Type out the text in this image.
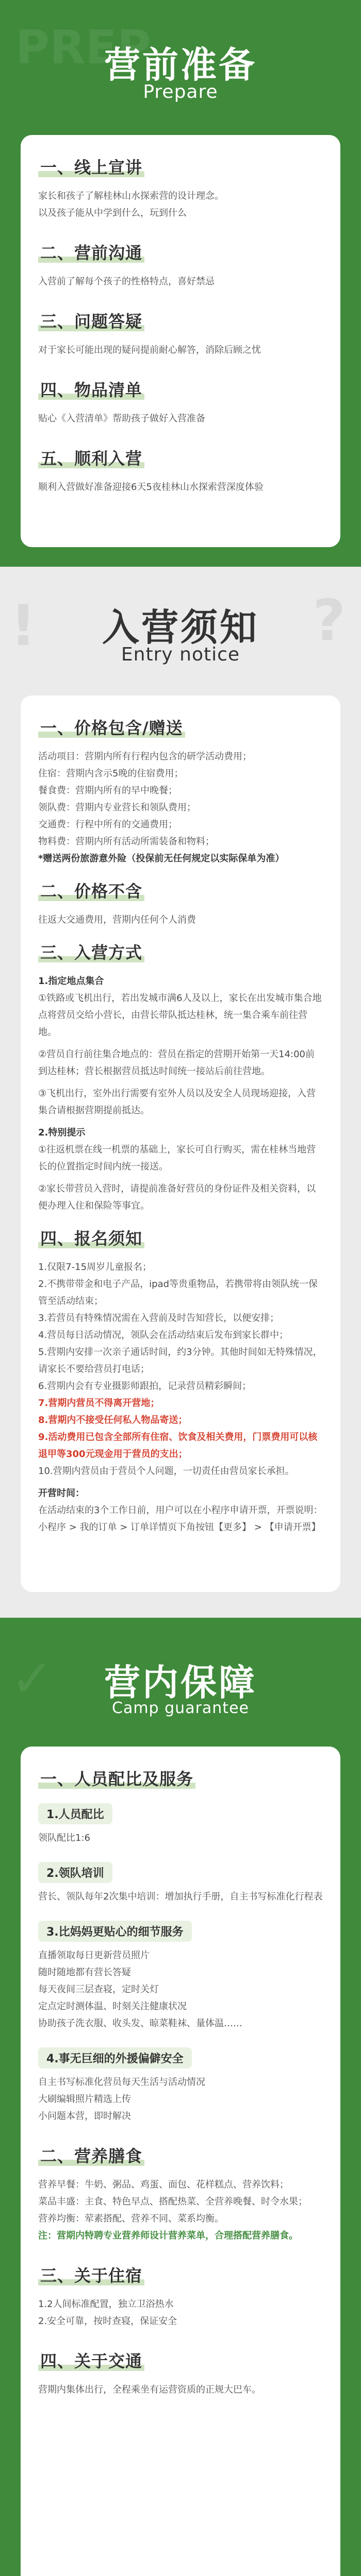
PREP
营前准备
Prepare
一、线上宣讲
家长和孩子了解桂林山水探索营的设计理念。
以及孩子能从中学到什么，玩到什么
二、营前沟通
入营前了解每个孩子的性格特点，喜好禁忌
三、问题答疑
对于家长可能出现的疑问提前耐心解答，消除后顾之忧
四、物品清单
贴心《入营清单》帮助孩子做好入营准备
五、顺利入营
顺利入营做好准备迎接6天5夜桂林山水探索营深度体验
!	?
入营须知
Entry notice
一、价格包含/赠送
活动项目：营期内所有行程内包含的研学活动费用；
住宿：营期内含示5晚的住宿费用；
餐食费：营期内所有的早中晚餐；
领队费：营期内专业营长和领队费用；
交通费：行程中所有的交通费用；
物料费：营期内所有活动所需装备和物料；
*赠送两份旅游意外险（投保前无任何规定以实际保单为准）
二、价格不含
往返大交通费用，营期内任何个人消费
三、入营方式
1.指定地点集合
①铁路或飞机出行，若出发城市满6人及以上，家长在出发城市集合地点将营员交给小营长，由营长带队抵达桂林，统一集合乘车前往营地。
②营员自行前往集合地点的：营员在指定的营期开始第一天14:00前到达桂林；营长根据营员抵达时间统一接站后前往营地。
③飞机出行，室外出行需要有室外人员以及安全人员现场迎接，入营集合请根据营期提前抵达。
2.特别提示
①往返机票在线一机票的基础上，家长可自行购买，需在桂林当地营长的位置指定时间内统一接送。
②家长带营员入营时，请提前准备好营员的身份证件及相关资料，以便办理入住和保险等事宜。
四、报名须知
1.仅限7-15周岁儿童报名；
2.不携带带金和电子产品，ipad等贵重物品，若携带将由领队统一保管至活动结束；
3.若营员有特殊情况需在入营前及时告知营长，以便安排；
4.营员每日活动情况，领队会在活动结束后发布到家长群中；
5.营期内安排一次亲子通话时间，约3分钟。其他时间如无特殊情况，请家长不要给营员打电话；
6.营期内会有专业摄影师跟拍，记录营员精彩瞬间；
7.营期内营员不得离开营地；
8.营期内不接受任何私人物品寄送；
9.活动费用已包含全部所有住宿、饮食及相关费用，门票费用可以核退甲等300元现金用于营员的支出；
10.营期内营员由于营员个人问题，一切责任由营员家长承担。
开营时间：
在活动结束的3个工作日前，用户可以在小程序申请开票，开票说明：
小程序 > 我的订单 > 订单详情页下角按钮【更多】 > 【申请开票】
✓	营内保障
Camp guarantee
一、人员配比及服务
1.人员配比
领队配比1:6
2.领队培训
营长、领队每年2次集中培训：增加执行手册，自主书写标准化行程表
3.比妈妈更贴心的细节服务
直播领取每日更新营员照片
随时随地都有营长答疑
每天夜间三层查寝，定时关灯
定点定时测体温、时刻关注健康状况
协助孩子洗衣服、收头发、晾菜鞋袜、量体温……
4.事无巨细的外援偏僻安全
自主书写标准化营员每天生活与活动情况
大刷编辑照片精选上传
小问题本营，即时解决
二、营养膳食
营养早餐：牛奶、粥品、鸡蛋、面包、花样糕点、营养饮料；
菜品丰盛：主食、特色早点、搭配热菜、全营养晚餐、时令水果；
营养均衡：荤素搭配、营养不同、菜系均衡。
注：营期内特聘专业营养师设计营养菜单，合理搭配营养膳食。
三、关于住宿
1.2人间标准配置，独立卫浴热水
2.安全可靠，按时查寝，保证安全
四、关于交通
营期内集体出行，全程乘坐有运营资质的正规大巴车。
